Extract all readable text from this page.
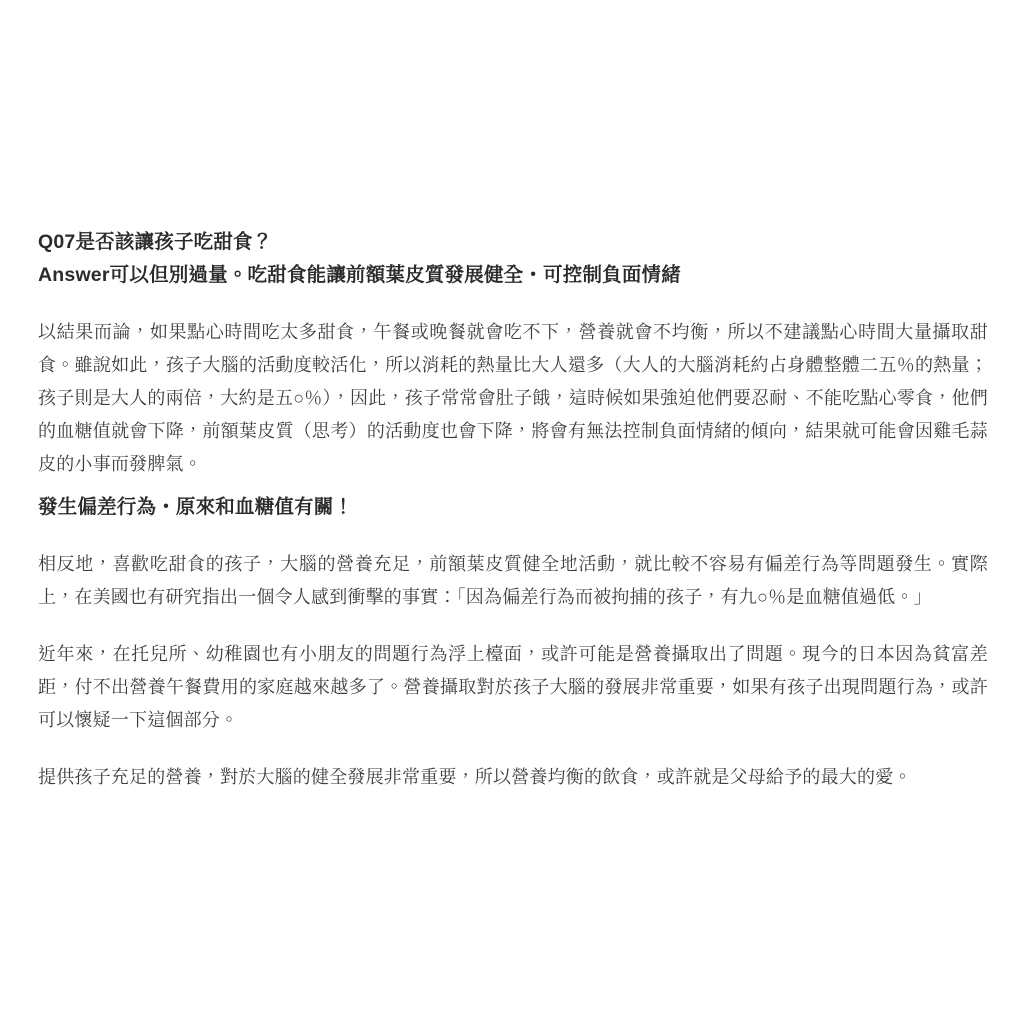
Q07是否該讓孩子吃甜食？
Answer可以但別過量。吃甜食能讓前額葉皮質發展健全・可控制負面情緒

以結果而論，如果點心時間吃太多甜食，午餐或晚餐就會吃不下，營養就會不均衡，所以不建議點心時間大量攝取甜食。雖說如此，孩子大腦的活動度較活化，所以消耗的熱量比大人還多（大人的大腦消耗約占身體整體二五％的熱量；孩子則是大人的兩倍，大約是五○％），因此，孩子常常會肚子餓，這時候如果強迫他們要忍耐、不能吃點心零食，他們的血糖值就會下降，前額葉皮質（思考）的活動度也會下降，將會有無法控制負面情緒的傾向，結果就可能會因雞毛蒜皮的小事而發脾氣。

發生偏差行為・原來和血糖值有關！

相反地，喜歡吃甜食的孩子，大腦的營養充足，前額葉皮質健全地活動，就比較不容易有偏差行為等問題發生。實際上，在美國也有研究指出一個令人感到衝擊的事實：「因為偏差行為而被拘捕的孩子，有九○％是血糖值過低。」

近年來，在托兒所、幼稚園也有小朋友的問題行為浮上檯面，或許可能是營養攝取出了問題。現今的日本因為貧富差距，付不出營養午餐費用的家庭越來越多了。營養攝取對於孩子大腦的發展非常重要，如果有孩子出現問題行為，或許可以懷疑一下這個部分。

提供孩子充足的營養，對於大腦的健全發展非常重要，所以營養均衡的飲食，或許就是父母給予的最大的愛。
